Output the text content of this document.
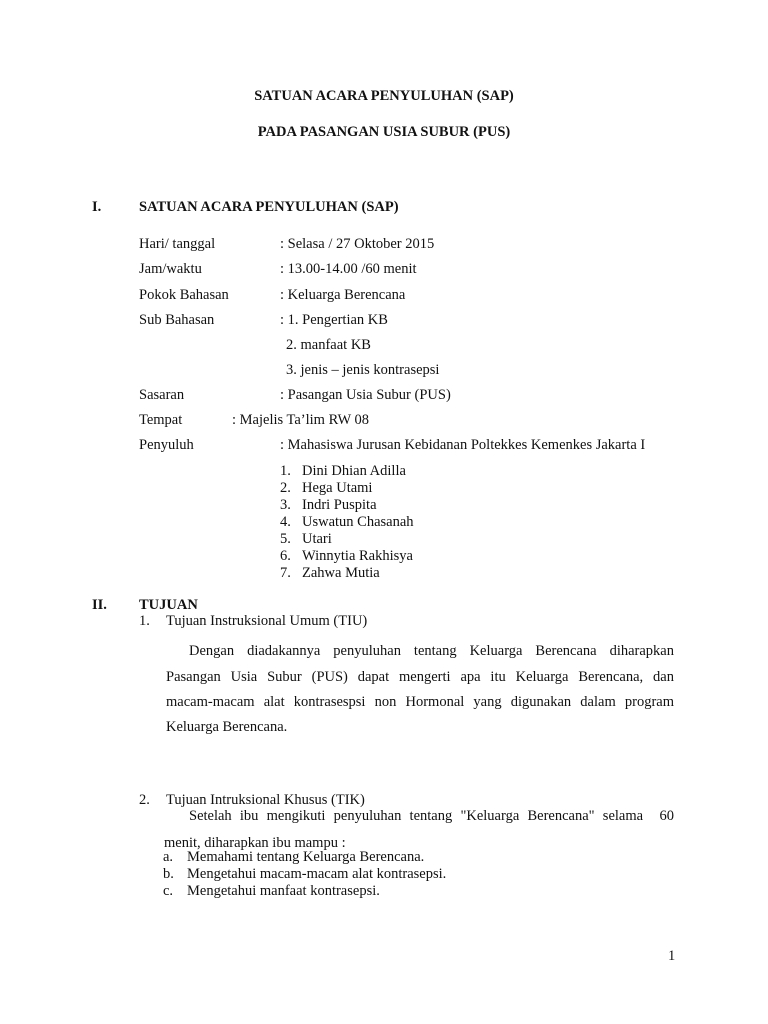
SATUAN ACARA PENYULUHAN (SAP)
PADA PASANGAN USIA SUBUR (PUS)
I.	SATUAN ACARA PENYULUHAN (SAP)
Hari/ tanggal	: Selasa / 27 Oktober 2015
Jam/waktu	: 13.00-14.00 /60 menit
Pokok Bahasan	: Keluarga Berencana
Sub Bahasan	: 1. Pengertian KB
2. manfaat KB
3. jenis – jenis kontrasepsi
Sasaran	: Pasangan Usia Subur (PUS)
Tempat	: Majelis Ta’lim RW 08
Penyuluh	: Mahasiswa Jurusan Kebidanan Poltekkes Kemenkes Jakarta I
1. Dini Dhian Adilla
2. Hega Utami
3. Indri Puspita
4. Uswatun Chasanah
5. Utari
6. Winnytia Rakhisya
7. Zahwa Mutia
II. TUJUAN
1. Tujuan Instruksional Umum (TIU)
Dengan diadakannya penyuluhan tentang Keluarga Berencana diharapkan
Pasangan Usia Subur (PUS) dapat mengerti apa itu Keluarga Berencana, dan
macam-macam alat kontrasespsi non Hormonal yang digunakan dalam program
Keluarga Berencana.
2. Tujuan Intruksional Khusus (TIK)
Setelah ibu mengikuti penyuluhan tentang "Keluarga Berencana" selama  60
menit, diharapkan ibu mampu :
a. Memahami tentang Keluarga Berencana.
b. Mengetahui macam-macam alat kontrasepsi.
c. Mengetahui manfaat kontrasepsi.
1
